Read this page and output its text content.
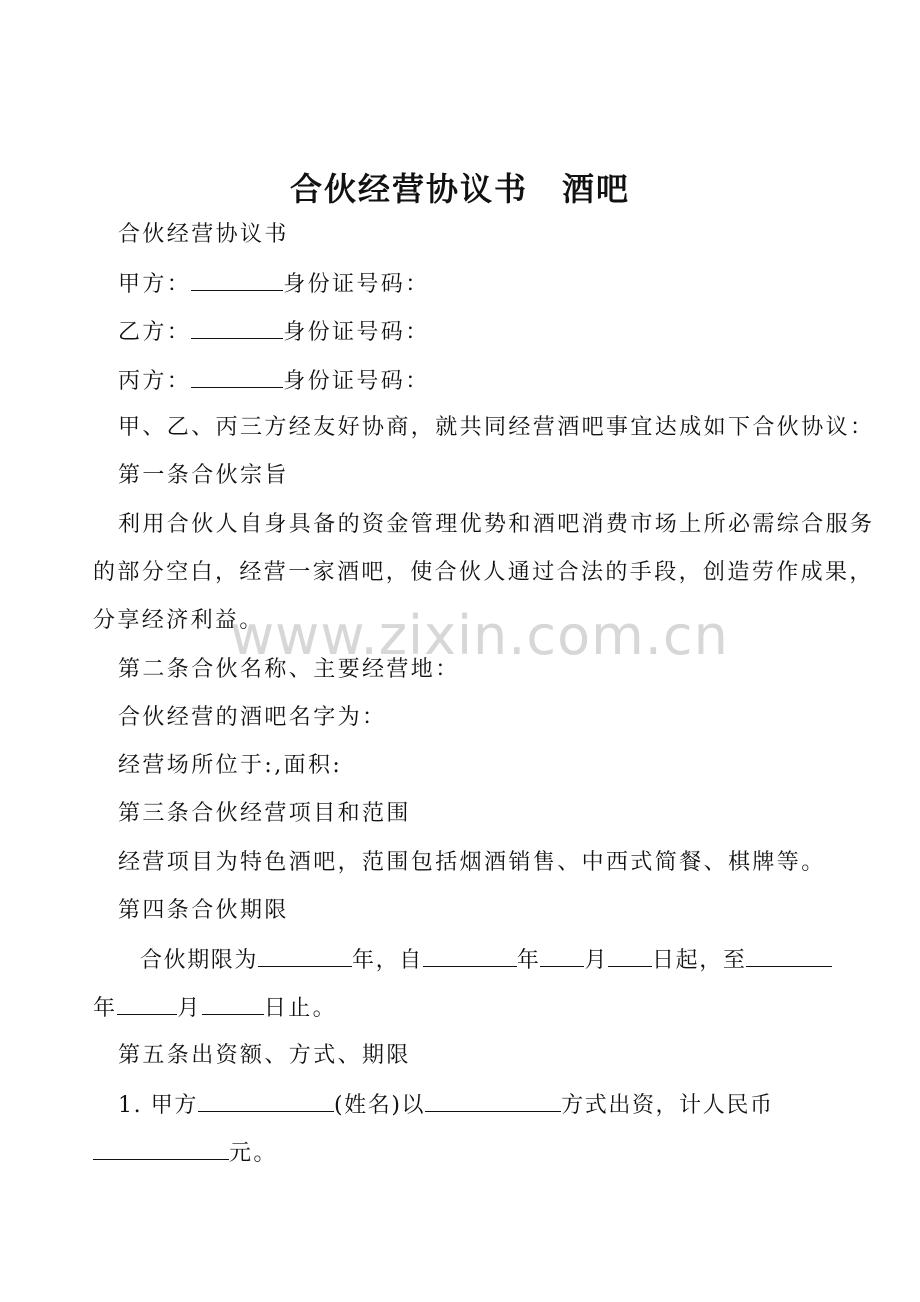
合伙经营协议书　酒吧
合伙经营协议书
甲方：	身份证号码：
乙方：	身份证号码：
丙方：	身份证号码：
甲、乙、丙三方经友好协商，就共同经营酒吧事宜达成如下合伙协议：
第一条合伙宗旨
利用合伙人自身具备的资金管理优势和酒吧消费市场上所必需综合服务
的部分空白，经营一家酒吧，使合伙人通过合法的手段，创造劳作成果，
分享经济利益。
第二条合伙名称、主要经营地：
合伙经营的酒吧名字为：
经营场所位于:,面积:
第三条合伙经营项目和范围
经营项目为特色酒吧，范围包括烟酒销售、中西式简餐、棋牌等。
第四条合伙期限
合伙期限为	年，自	年 月 日起，至
年	月	日止。
第五条出资额、方式、期限
1. 甲方	(姓名)以	方式出资，计人民币
元。
www.zixin.com.cn
